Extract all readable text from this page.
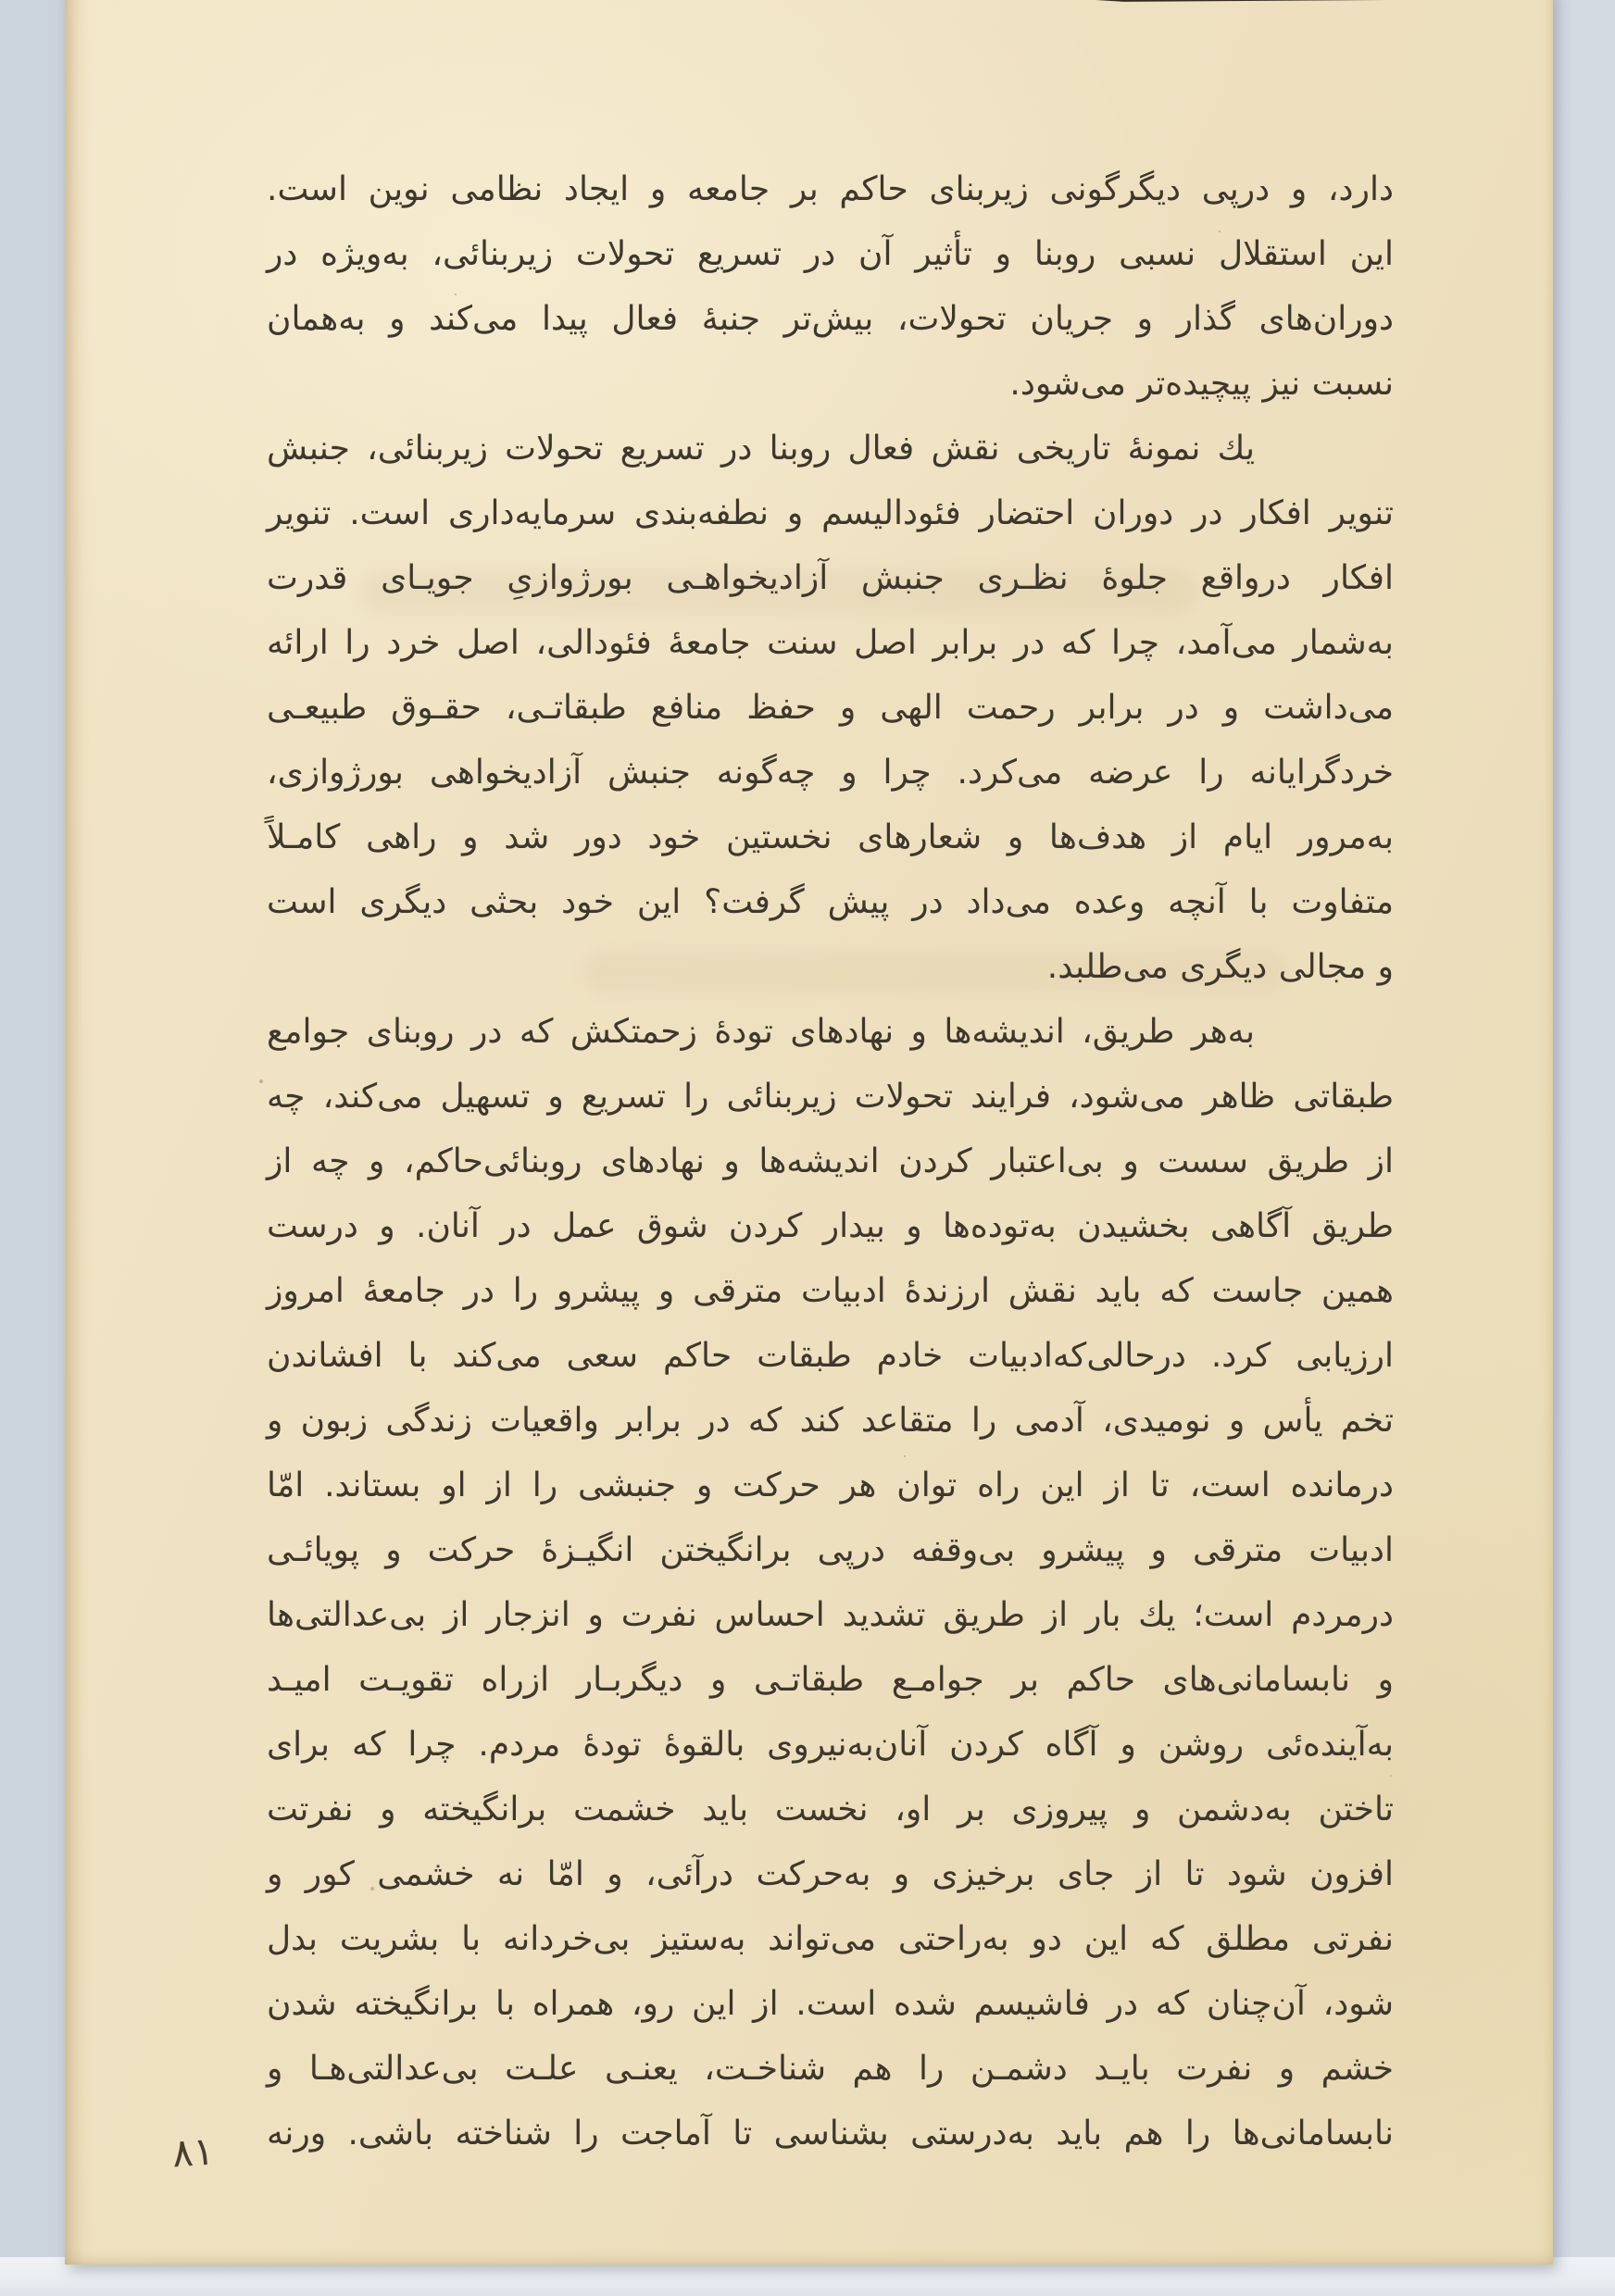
دارد، و درپی دیگرگونی زیربنای حاکم بر جامعه و ایجاد نظامی نوین است.
این استقلال نسبی روبنا و تأثیر آن در تسریع تحولات زیربنائی، به‌ویژه در
دوران‌های گذار و جریان تحولات، بیش‌تر جنبهٔ فعال پیدا می‌کند و به‌همان
نسبت نیز پیچیده‌تر می‌شود.
یك نمونهٔ تاریخی نقش فعال روبنا در تسریع تحولات زیربنائی، جنبش
تنویر افکار در دوران احتضار فئودالیسم و نطفه‌بندی سرمایه‌داری است. تنویر
افکار درواقع جلوهٔ نظـری جنبش آزادیخواهـی بورژوازیِ جویـای قدرت
به‌شمار می‌آمد، چرا که در برابر اصل سنت جامعهٔ فئودالی، اصل خرد را ارائه
می‌داشت و در برابر رحمت الهی و حفظ منافع طبقاتـی، حقـوق طبیعـی
خردگرایانه را عرضه می‌کرد. چرا و چه‌گونه جنبش آزادیخواهی بورژوازی،
به‌مرور ایام از هدف‌ها و شعارهای نخستین خود دور شد و راهی کامـلاً
متفاوت با آنچه وعده می‌داد در پیش گرفت؟ این خود بحثی دیگری است
و مجالی دیگری می‌طلبد.
به‌هر طریق، اندیشه‌ها و نهادهای تودهٔ زحمتکش که در روبنای جوامع
طبقاتی ظاهر می‌شود، فرایند تحولات زیربنائی را تسریع و تسهیل می‌کند، چه
از طریق سست و بی‌اعتبار کردن اندیشه‌ها و نهادهای روبنائی‌حاکم، و چه از
طریق آگاهی بخشیدن به‌توده‌ها و بیدار کردن شوق عمل در آنان. و درست
همین جاست که باید نقش ارزندهٔ ادبیات مترقی و پیشرو را در جامعهٔ امروز
ارزیابی کرد. درحالی‌که‌ادبیات خادم طبقات حاکم سعی می‌کند با افشاندن
تخم یأس و نومیدی، آدمی را متقاعد کند که در برابر واقعیات زندگی زبون و
درمانده است، تا از این راه توان هر حرکت و جنبشی را از او بستاند. امّا
ادبیات مترقی و پیشرو بی‌وقفه درپی برانگیختن انگیـزهٔ حرکت و پویائـی
درمردم است؛ یك بار از طریق تشدید احساس نفرت و انزجار از بی‌عدالتی‌ها
و نابسامانی‌های حاکم بر جوامـع طبقاتـی و دیگربـار ازراه تقویـت امیـد
به‌آینده‌ئی روشن و آگاه کردن آنان‌به‌نیروی بالقوهٔ تودهٔ مردم. چرا که برای
تاختن به‌دشمن و پیروزی بر او، نخست باید خشمت برانگیخته و نفرتت
افزون شود تا از جای برخیزی و به‌حرکت درآئی، و امّا نه خشمی کور و
نفرتی مطلق که این دو به‌راحتی می‌تواند به‌ستیز بی‌خردانه با بشریت بدل
شود، آن‌چنان که در فاشیسم شده است. از این رو، همراه با برانگیخته شدن
خشم و نفرت بایـد دشمـن را هم شناخـت، یعنـی علـت بی‌عدالتی‌هـا و
نابسامانی‌ها را هم باید به‌درستی بشناسی تا آماجت را شناخته باشی. ورنه
۸۱
